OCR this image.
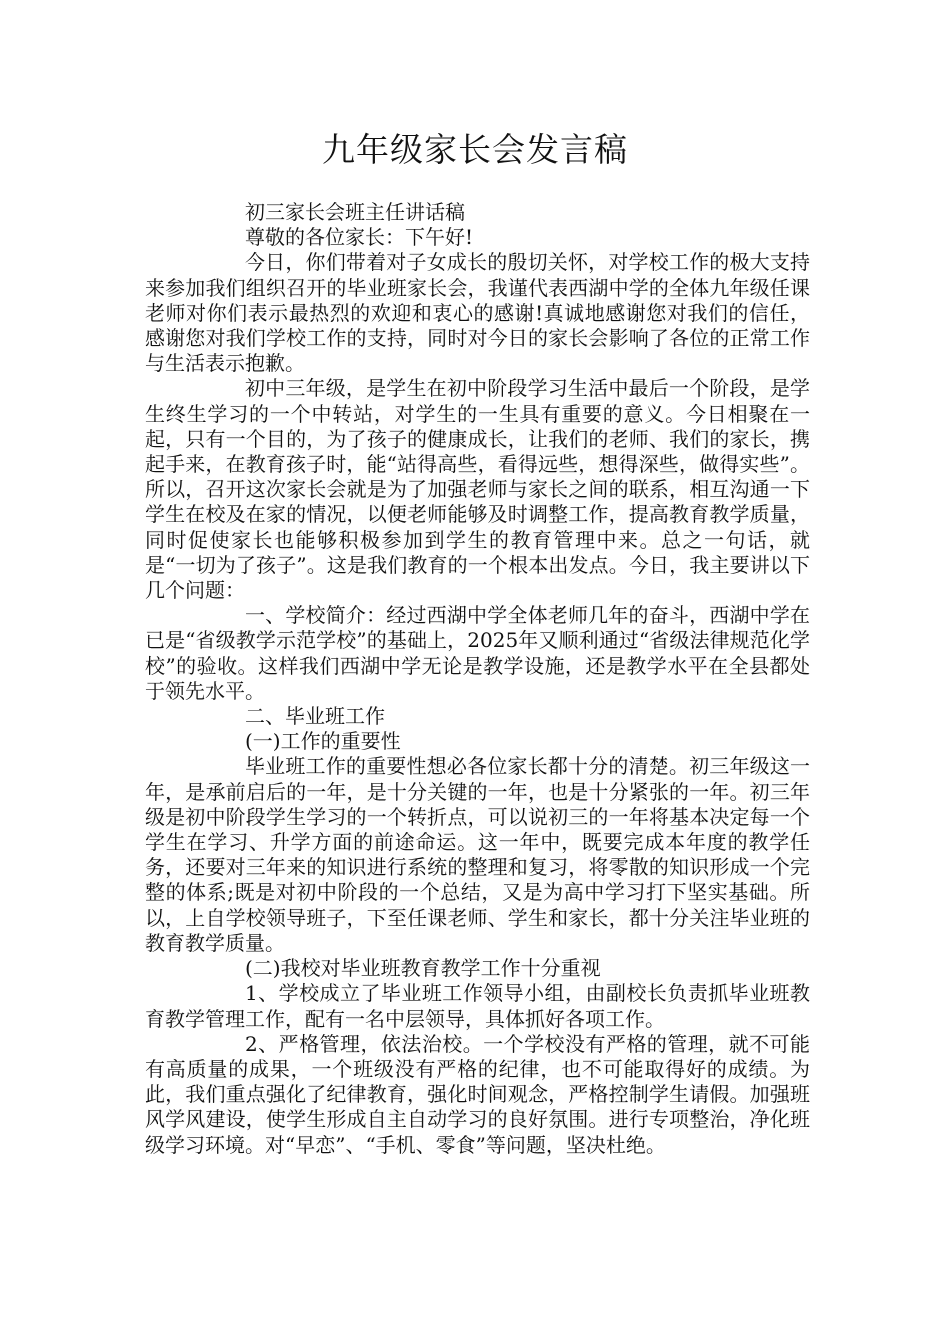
九年级家长会发言稿

初三家长会班主任讲话稿

尊敬的各位家长：下午好!

今日，你们带着对子女成长的殷切关怀，对学校工作的极大支持来参加我们组织召开的毕业班家长会，我谨代表西湖中学的全体九年级任课老师对你们表示最热烈的欢迎和衷心的感谢!真诚地感谢您对我们的信任，感谢您对我们学校工作的支持，同时对今日的家长会影响了各位的正常工作与生活表示抱歉。

初中三年级，是学生在初中阶段学习生活中最后一个阶段，是学生终生学习的一个中转站，对学生的一生具有重要的意义。今日相聚在一起，只有一个目的，为了孩子的健康成长，让我们的老师、我们的家长，携起手来，在教育孩子时，能“站得高些，看得远些，想得深些，做得实些”。所以，召开这次家长会就是为了加强老师与家长之间的联系，相互沟通一下学生在校及在家的情况，以便老师能够及时调整工作，提高教育教学质量，同时促使家长也能够积极参加到学生的教育管理中来。总之一句话，就是“一切为了孩子”。这是我们教育的一个根本出发点。今日，我主要讲以下几个问题：

一、学校简介：经过西湖中学全体老师几年的奋斗，西湖中学在已是“省级教学示范学校”的基础上，2025年又顺利通过“省级法律规范化学校”的验收。这样我们西湖中学无论是教学设施，还是教学水平在全县都处于领先水平。

二、毕业班工作

(一)工作的重要性

毕业班工作的重要性想必各位家长都十分的清楚。初三年级这一年，是承前启后的一年，是十分关键的一年，也是十分紧张的一年。初三年级是初中阶段学生学习的一个转折点，可以说初三的一年将基本决定每一个学生在学习、升学方面的前途命运。这一年中，既要完成本年度的教学任务，还要对三年来的知识进行系统的整理和复习，将零散的知识形成一个完整的体系;既是对初中阶段的一个总结，又是为高中学习打下坚实基础。所以，上自学校领导班子，下至任课老师、学生和家长，都十分关注毕业班的教育教学质量。

(二)我校对毕业班教育教学工作十分重视

1、学校成立了毕业班工作领导小组，由副校长负责抓毕业班教育教学管理工作，配有一名中层领导，具体抓好各项工作。

2、严格管理，依法治校。一个学校没有严格的管理，就不可能有高质量的成果，一个班级没有严格的纪律，也不可能取得好的成绩。为此，我们重点强化了纪律教育，强化时间观念，严格控制学生请假。加强班风学风建设，使学生形成自主自动学习的良好氛围。进行专项整治，净化班级学习环境。对“早恋”、“手机、零食”等问题，坚决杜绝。
